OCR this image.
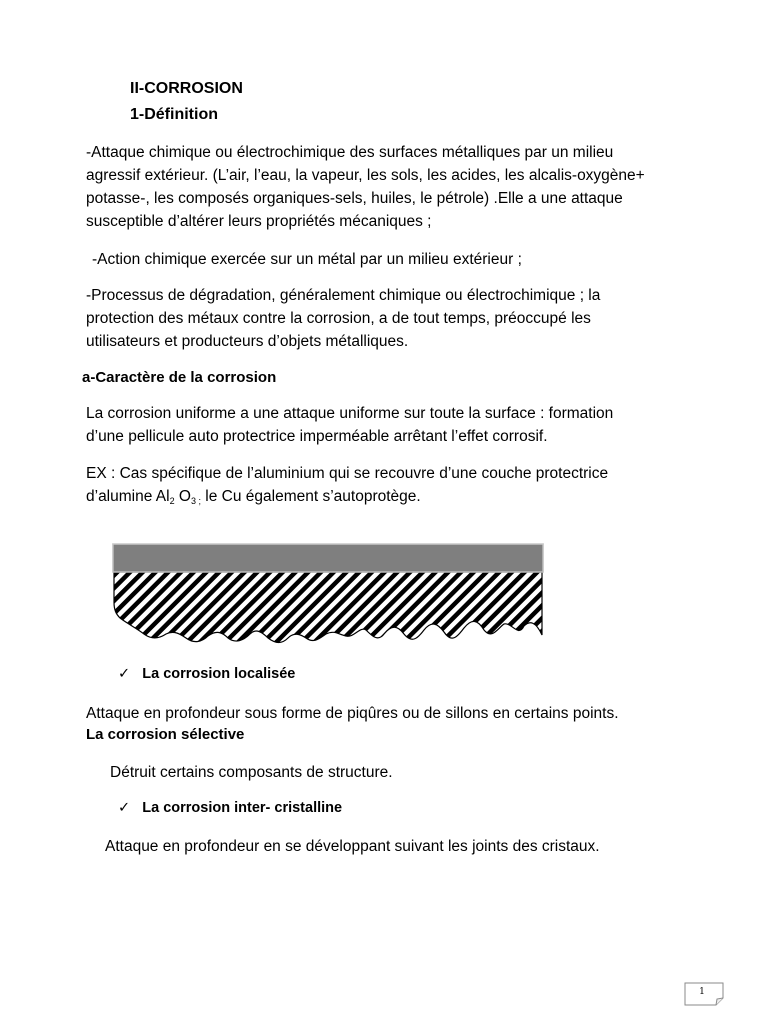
II-CORROSION
1-Définition
-Attaque chimique ou électrochimique des surfaces métalliques par un milieu
agressif extérieur. (L’air, l’eau, la vapeur, les sols, les acides, les alcalis-oxygène+
potasse-, les composés organiques-sels, huiles, le pétrole) .Elle a une attaque
susceptible d’altérer leurs propriétés mécaniques ;
-Action chimique exercée sur un métal par un milieu extérieur ;
-Processus de dégradation, généralement chimique ou électrochimique ; la
protection des métaux contre la corrosion, a de tout temps, préoccupé les
utilisateurs et producteurs d’objets métalliques.
a-Caractère de la corrosion
La corrosion uniforme a une attaque uniforme sur toute la surface : formation
d’une pellicule auto protectrice imperméable arrêtant l’effet corrosif.
EX : Cas spécifique de l’aluminium qui se recouvre d’une couche protectrice
d’alumine $Al_2$ $O_{3 ;}$ le Cu également s’autoprotège.
✓ La corrosion localisée
Attaque en profondeur sous forme de piqûres ou de sillons en certains points.
La corrosion sélective
Détruit certains composants de structure.
✓ La corrosion inter- cristalline
Attaque en profondeur en se développant suivant les joints des cristaux.
1
